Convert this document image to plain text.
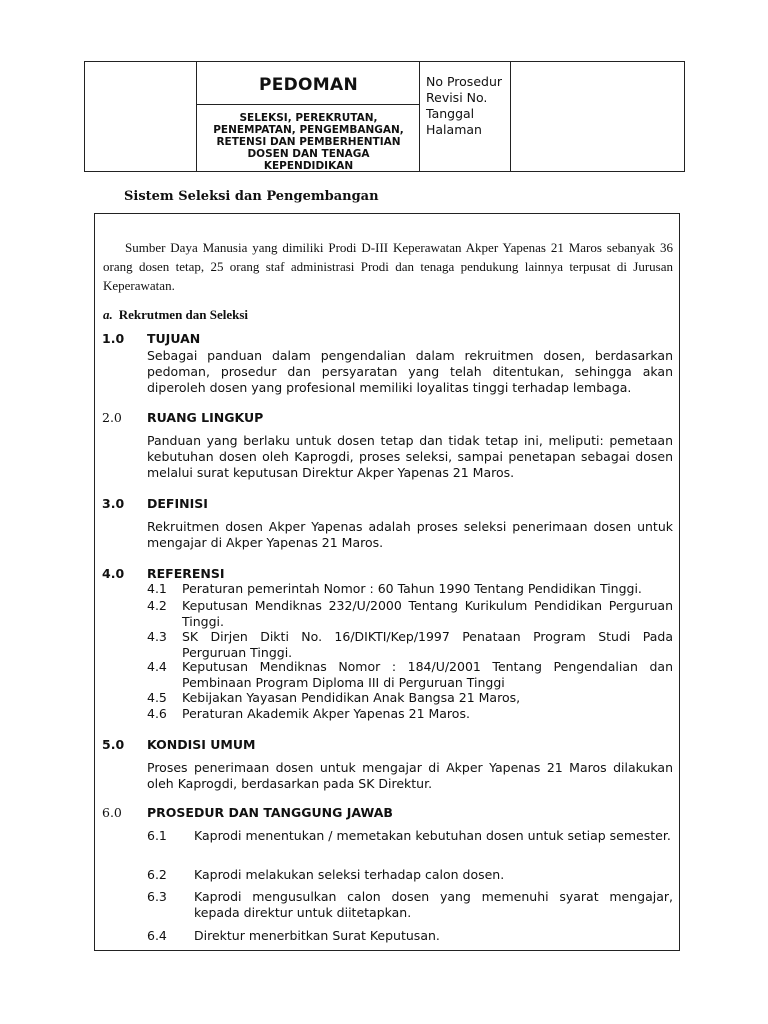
PEDOMAN
SELEKSI, PEREKRUTAN,
PENEMPATAN, PENGEMBANGAN,
RETENSI DAN PEMBERHENTIAN
DOSEN DAN TENAGA
KEPENDIDIKAN
No Prosedur
Revisi No.
Tanggal
Halaman
Sistem Seleksi dan Pengembangan
Sumber Daya Manusia yang dimiliki Prodi D-III Keperawatan Akper Yapenas 21 Maros sebanyak 36 orang dosen tetap, 25 orang staf administrasi Prodi dan tenaga pendukung lainnya terpusat di Jurusan Keperawatan.
a. Rekrutmen dan Seleksi
1.0 TUJUAN
Sebagai panduan dalam pengendalian dalam rekruitmen dosen, berdasarkan pedoman, prosedur dan persyaratan yang telah ditentukan, sehingga akan diperoleh dosen yang profesional memiliki loyalitas tinggi terhadap lembaga.
2.0 RUANG LINGKUP
Panduan yang berlaku untuk dosen tetap dan tidak tetap ini, meliputi: pemetaan kebutuhan dosen oleh Kaprogdi, proses seleksi, sampai penetapan sebagai dosen melalui surat keputusan Direktur Akper Yapenas 21 Maros.
3.0 DEFINISI
Rekruitmen dosen Akper Yapenas adalah proses seleksi penerimaan dosen untuk mengajar di Akper Yapenas 21 Maros.
4.0 REFERENSI
4.1 Peraturan pemerintah Nomor : 60 Tahun 1990 Tentang Pendidikan Tinggi.
4.2 Keputusan Mendiknas 232/U/2000 Tentang Kurikulum Pendidikan Perguruan Tinggi.
4.3 SK Dirjen Dikti No. 16/DIKTI/Kep/1997 Penataan Program Studi Pada Perguruan Tinggi.
4.4 Keputusan Mendiknas Nomor : 184/U/2001 Tentang Pengendalian dan Pembinaan Program Diploma III di Perguruan Tinggi
4.5 Kebijakan Yayasan Pendidikan Anak Bangsa 21 Maros,
4.6 Peraturan Akademik Akper Yapenas 21 Maros.
5.0 KONDISI UMUM
Proses penerimaan dosen untuk mengajar di Akper Yapenas 21 Maros dilakukan oleh Kaprogdi, berdasarkan pada SK Direktur.
6.0 PROSEDUR DAN TANGGUNG JAWAB
6.1 Kaprodi menentukan / memetakan kebutuhan dosen untuk setiap semester.
6.2 Kaprodi melakukan seleksi terhadap calon dosen.
6.3 Kaprodi mengusulkan calon dosen yang memenuhi syarat mengajar, kepada direktur untuk diitetapkan.
6.4 Direktur menerbitkan Surat Keputusan.
